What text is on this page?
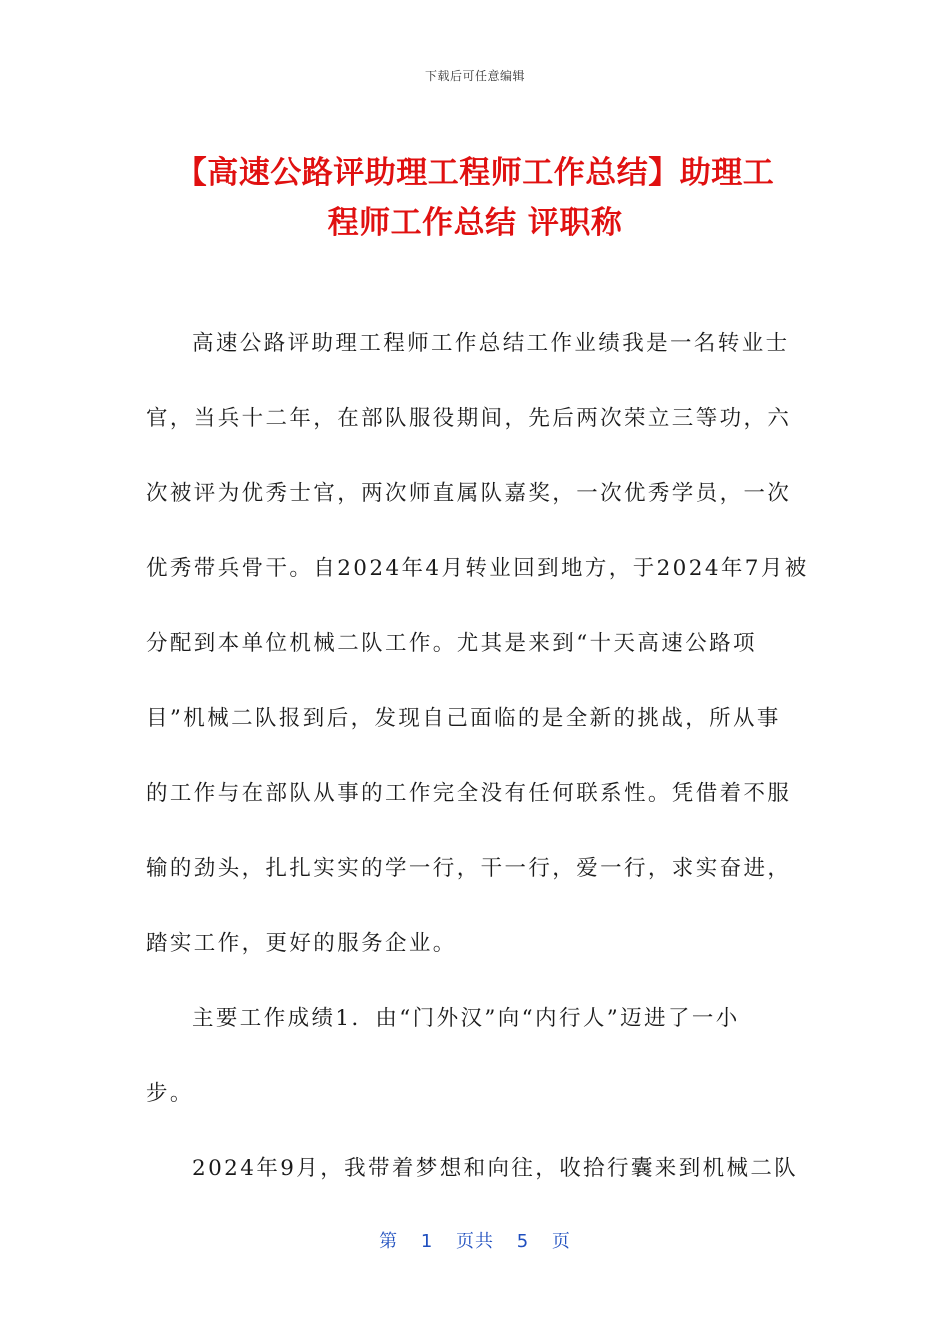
下载后可任意编辑
【高速公路评助理工程师工作总结】助理工
程师工作总结 评职称
高速公路评助理工程师工作总结工作业绩我是一名转业士
官，当兵十二年，在部队服役期间，先后两次荣立三等功，六
次被评为优秀士官，两次师直属队嘉奖，一次优秀学员，一次
优秀带兵骨干。自2024年4月转业回到地方，于2024年7月被
分配到本单位机械二队工作。尤其是来到“十天高速公路项
目”机械二队报到后，发现自己面临的是全新的挑战，所从事
的工作与在部队从事的工作完全没有任何联系性。凭借着不服
输的劲头，扎扎实实的学一行，干一行，爱一行，求实奋进，
踏实工作，更好的服务企业。
主要工作成绩1．由“门外汉”向“内行人”迈进了一小
步。
2024年9月，我带着梦想和向往，收拾行囊来到机械二队
第 1 页共 5 页
